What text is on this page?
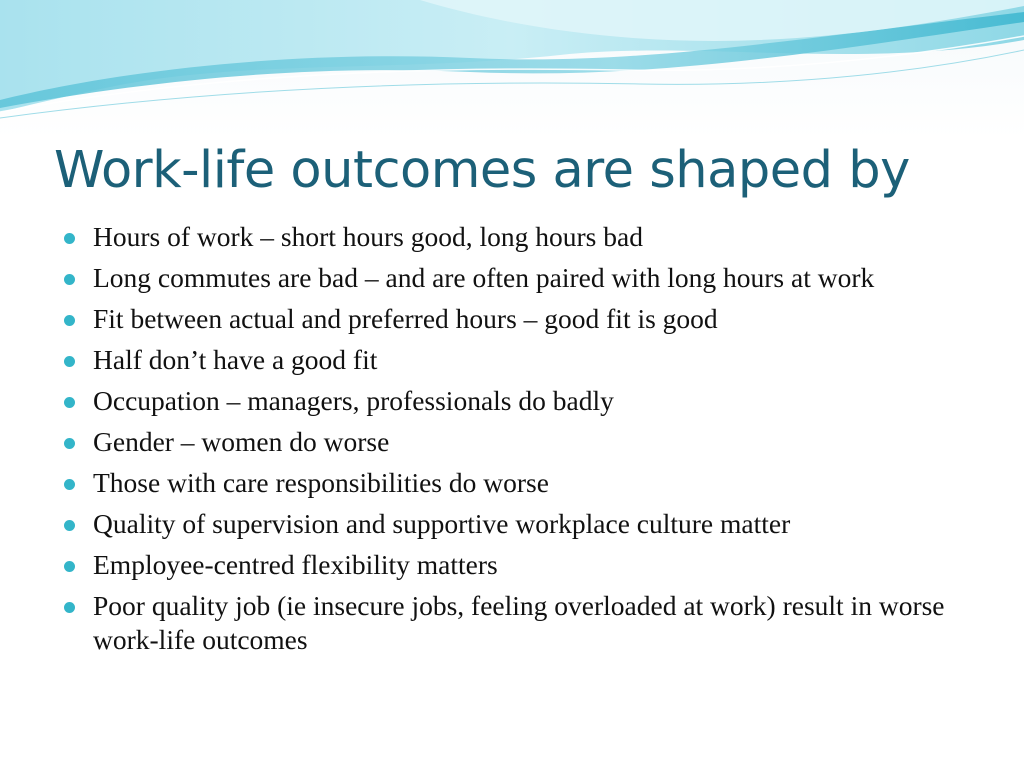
Work-life outcomes are shaped by
Hours of work – short hours good, long hours bad
Long commutes are bad – and are often paired with long hours at work
Fit between actual and preferred hours – good fit is good
Half don’t have a good fit
Occupation – managers, professionals do badly
Gender – women do worse
Those with care responsibilities do worse
Quality of supervision and supportive workplace culture matter
Employee-centred flexibility matters
Poor quality job (ie insecure jobs, feeling overloaded at work) result in worse work-life outcomes
